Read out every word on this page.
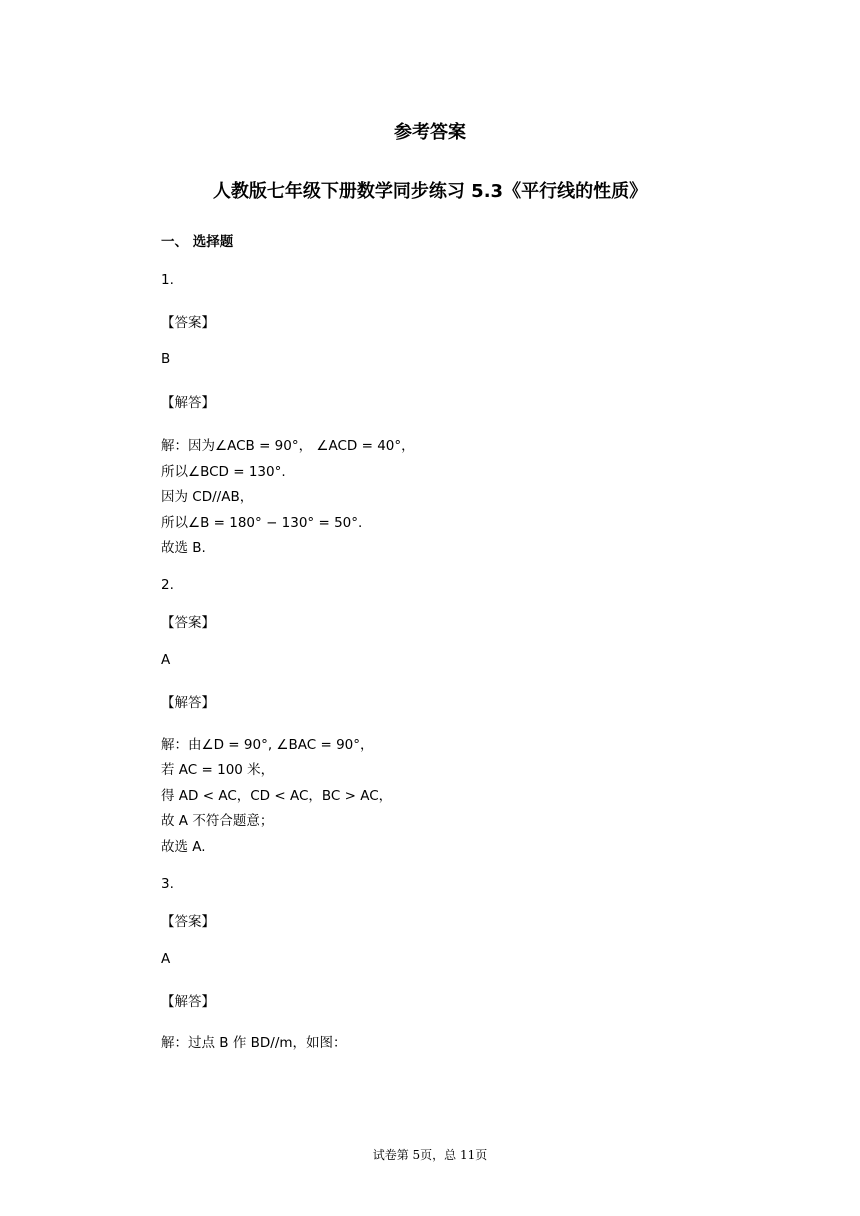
参考答案
人教版七年级下册数学同步练习 5.3《平行线的性质》
一、 选择题
1.
【答案】
B
【解答】
解：因为∠ACB = 90°， ∠ACD = 40°，
所以∠BCD = 130°.
因为 CD//AB，
所以∠B = 180° − 130° = 50°.
故选 B.
2.
【答案】
A
【解答】
解：由∠D = 90°, ∠BAC = 90°，
若 AC = 100 米，
得 AD < AC，CD < AC，BC > AC，
故 A 不符合题意；
故选 A.
3.
【答案】
A
【解答】
解：过点 B 作 BD//m，如图：
试卷第 5页，总 11页
